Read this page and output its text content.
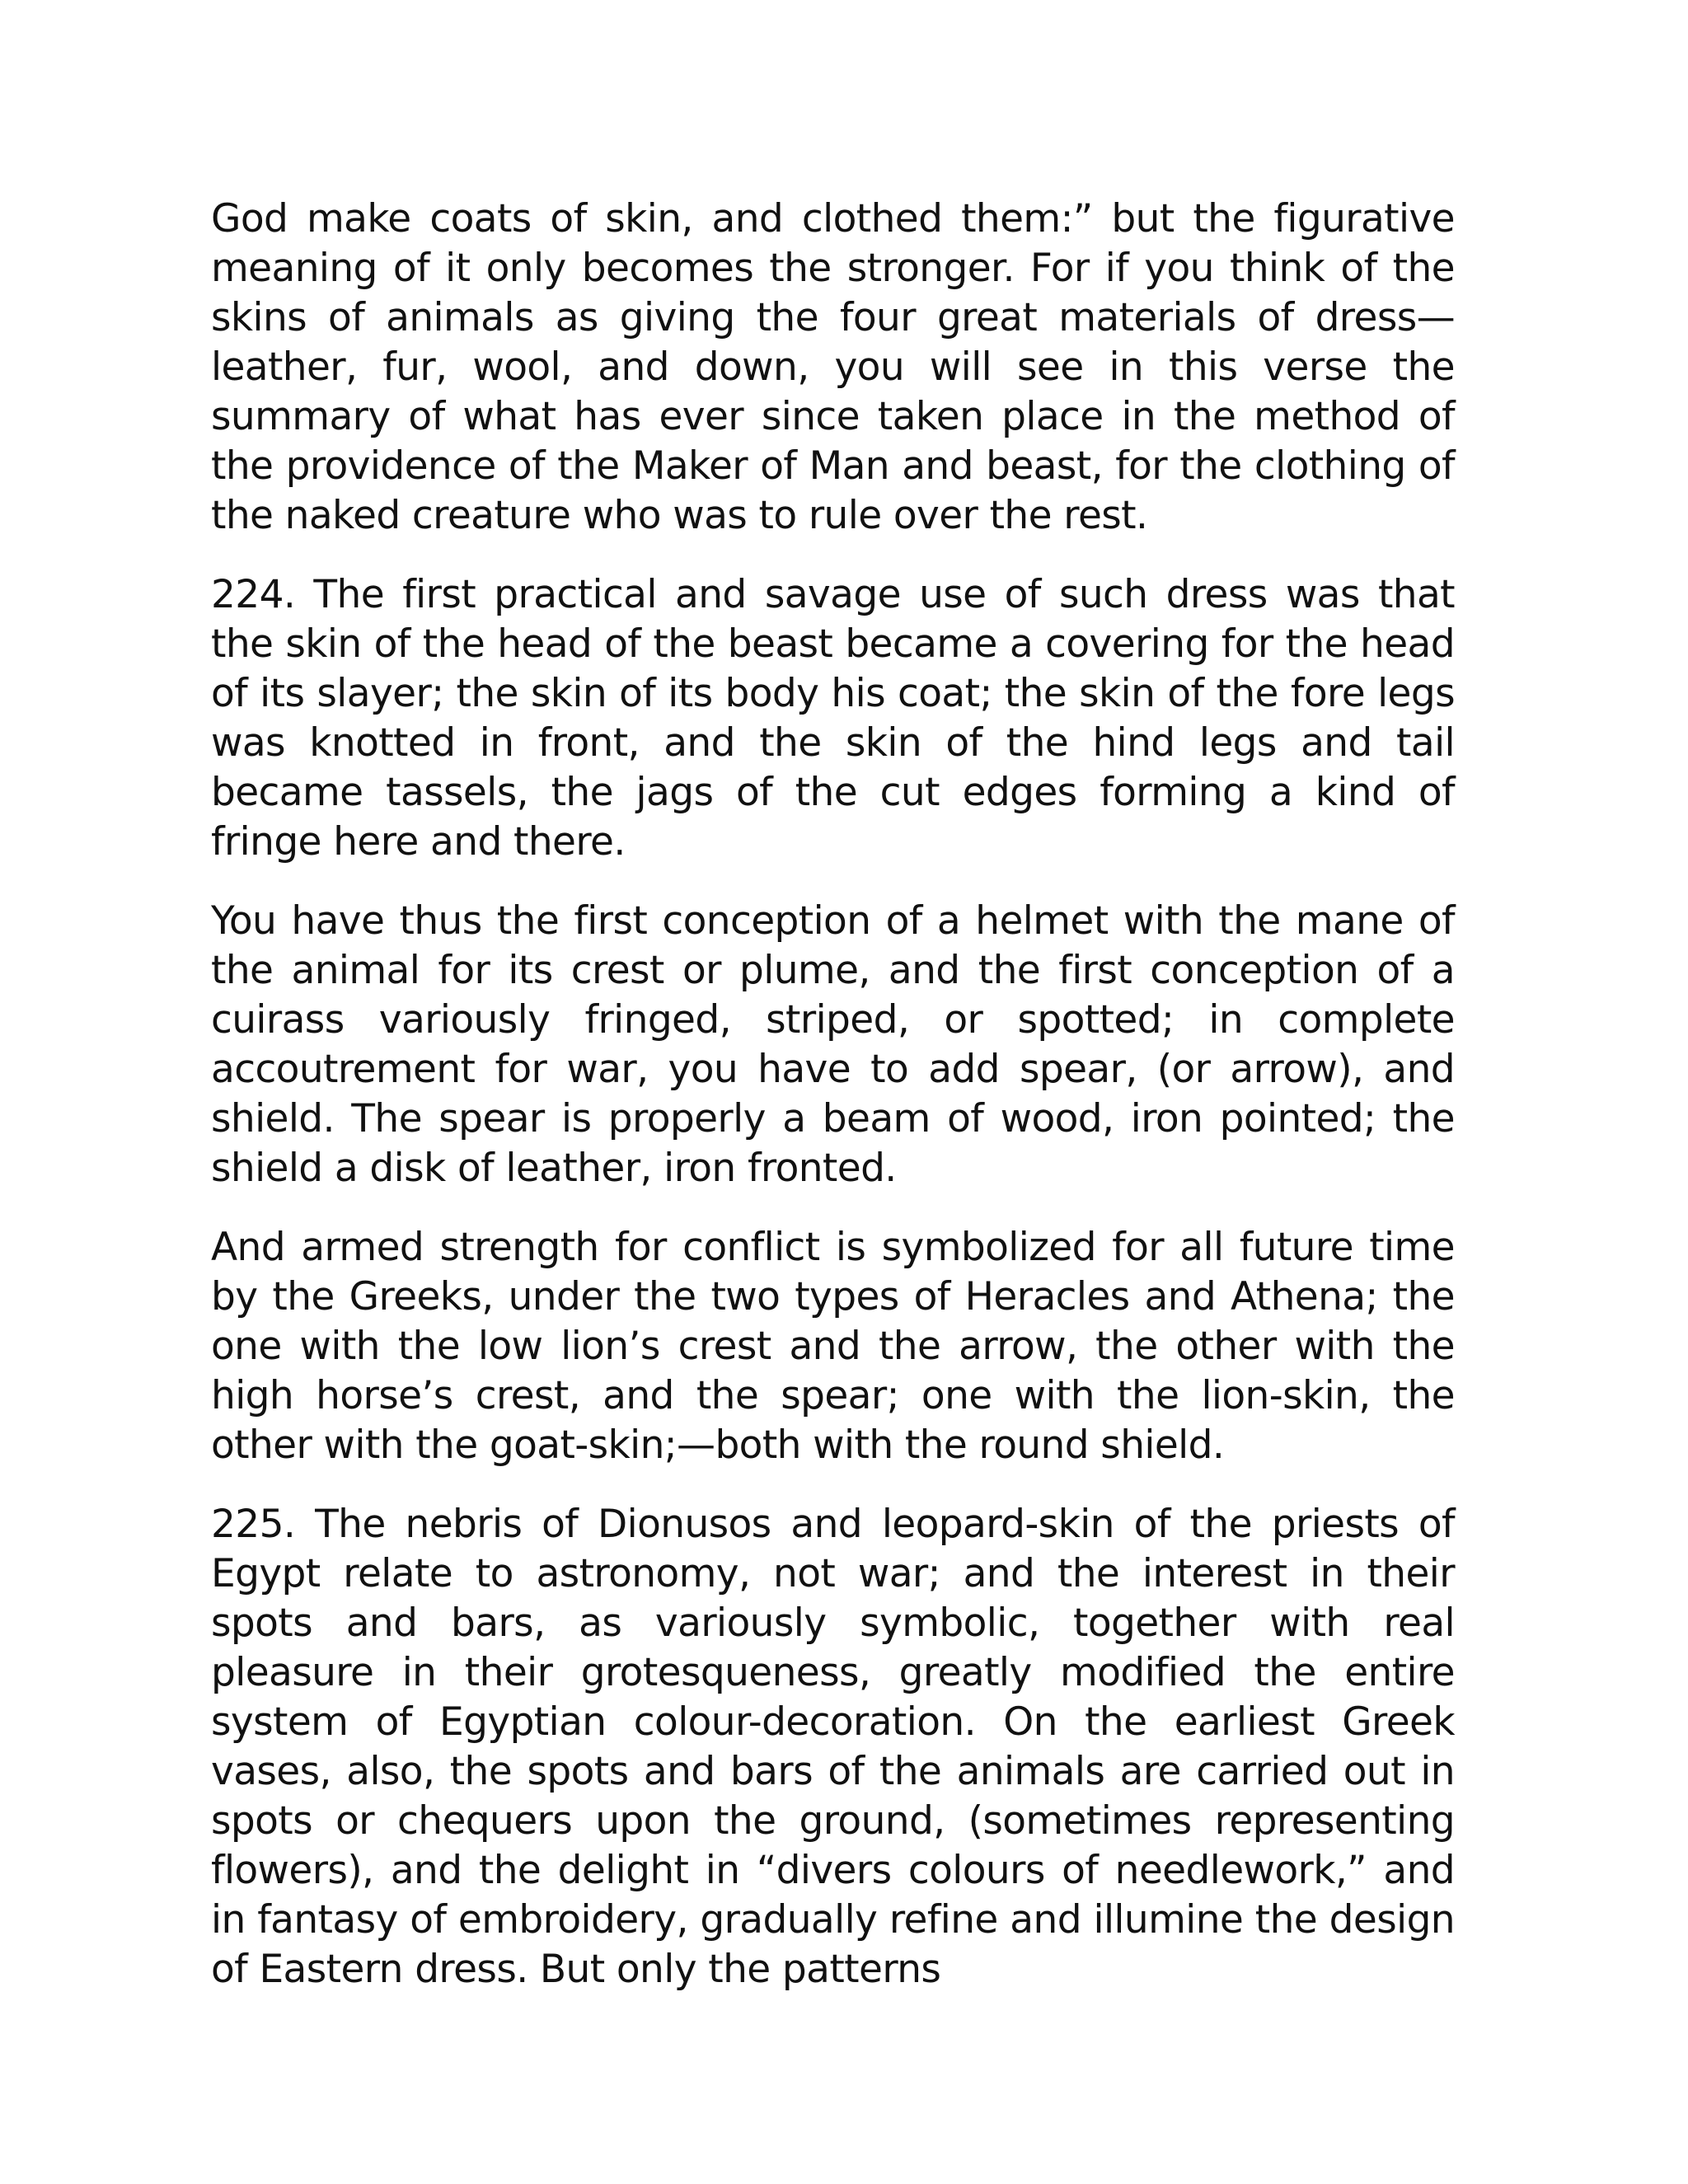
God make coats of skin, and clothed them:” but the figurative meaning of it only becomes the stronger. For if you think of the skins of animals as giving the four great materials of dress—leather, fur, wool, and down, you will see in this verse the summary of what has ever since taken place in the method of the providence of the Maker of Man and beast, for the clothing of the naked creature who was to rule over the rest.

224. The first practical and savage use of such dress was that the skin of the head of the beast became a covering for the head of its slayer; the skin of its body his coat; the skin of the fore legs was knotted in front, and the skin of the hind legs and tail became tassels, the jags of the cut edges forming a kind of fringe here and there.

You have thus the first conception of a helmet with the mane of the animal for its crest or plume, and the first conception of a cuirass variously fringed, striped, or spotted; in complete accoutrement for war, you have to add spear, (or arrow), and shield. The spear is properly a beam of wood, iron pointed; the shield a disk of leather, iron fronted.

And armed strength for conflict is symbolized for all future time by the Greeks, under the two types of Heracles and Athena; the one with the low lion’s crest and the arrow, the other with the high horse’s crest, and the spear; one with the lion-skin, the other with the goat-skin;—both with the round shield.

225. The nebris of Dionusos and leopard-skin of the priests of Egypt relate to astronomy, not war; and the interest in their spots and bars, as variously symbolic, together with real pleasure in their grotesqueness, greatly modified the entire system of Egyptian colour-decoration. On the earliest Greek vases, also, the spots and bars of the animals are carried out in spots or chequers upon the ground, (sometimes representing flowers), and the delight in “divers colours of needlework,” and in fantasy of embroidery, gradually refine and illumine the design of Eastern dress. But only the patterns
